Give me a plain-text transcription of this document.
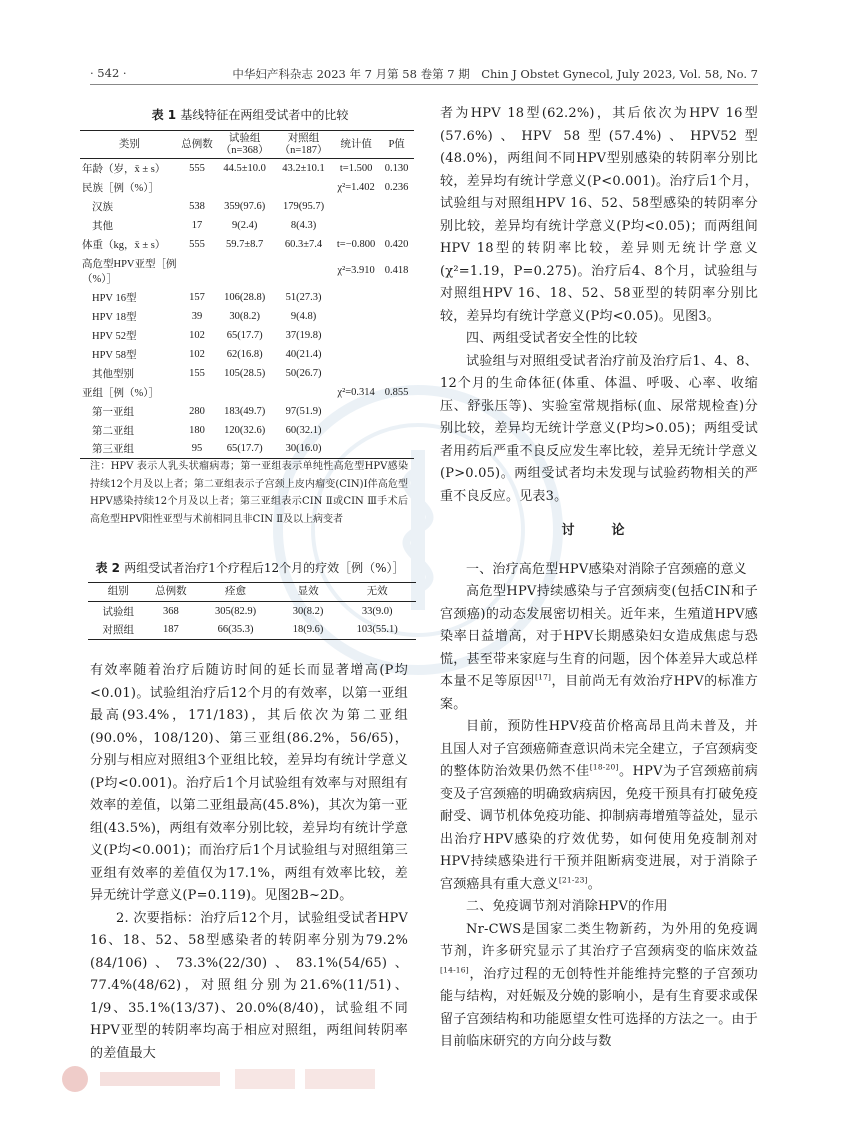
· 542 ·	中华妇产科杂志 2023 年 7 月第 58 卷第 7 期　Chin J Obstet Gynecol, July 2023, Vol. 58, No. 7
表 1 基线特征在两组受试者中的比较
类别	总例数	试验组（n=368）	对照组（n=187）	统计值	P值
年龄（岁，x̄ ± s）	555	44.5±10.0	43.2±10.1	t=1.500	0.130
民族［例（%）］				χ²=1.402	0.236
汉族	538	359(97.6)	179(95.7)		
其他	17	9(2.4)	8(4.3)		
体重（kg，x̄ ± s）	555	59.7±8.7	60.3±7.4	t=−0.800	0.420
高危型HPV亚型［例（%）］				χ²=3.910	0.418
HPV 16型	157	106(28.8)	51(27.3)		
HPV 18型	39	30(8.2)	9(4.8)		
HPV 52型	102	65(17.7)	37(19.8)		
HPV 58型	102	62(16.8)	40(21.4)		
其他型别	155	105(28.5)	50(26.7)		
亚组［例（%）］				χ²=0.314	0.855
第一亚组	280	183(49.7)	97(51.9)		
第二亚组	180	120(32.6)	60(32.1)		
第三亚组	95	65(17.7)	30(16.0)		
注：HPV 表示人乳头状瘤病毒；第一亚组表示单纯性高危型HPV感染持续12个月及以上者；第二亚组表示子宫颈上皮内瘤变(CIN)Ⅰ伴高危型HPV感染持续12个月及以上者；第三亚组表示CIN Ⅱ或CIN Ⅲ手术后高危型HPV阳性亚型与术前相同且非CIN Ⅱ及以上病变者
表 2 两组受试者治疗1个疗程后12个月的疗效［例（%）］
组别	总例数	痊愈	显效	无效
试验组	368	305(82.9)	30(8.2)	33(9.0)
对照组	187	66(35.3)	18(9.6)	103(55.1)

有效率随着治疗后随访时间的延长而显著增高(P均<0.01)。试验组治疗后12个月的有效率，以第一亚组最高(93.4%，171/183)，其后依次为第二亚组(90.0%，108/120)、第三亚组(86.2%，56/65)，分别与相应对照组3个亚组比较，差异均有统计学意义(P均<0.001)。治疗后1个月试验组有效率与对照组有效率的差值，以第二亚组最高(45.8%)，其次为第一亚组(43.5%)，两组有效率分别比较，差异均有统计学意义(P均<0.001)；而治疗后1个月试验组与对照组第三亚组有效率的差值仅为17.1%，两组有效率比较，差异无统计学意义(P=0.119)。见图2B~2D。

2. 次要指标：治疗后12个月，试验组受试者HPV 16、18、52、58型感染者的转阴率分别为79.2%(84/106)、73.3%(22/30)、83.1%(54/65)、77.4%(48/62)，对照组分别为21.6%(11/51)、1/9、35.1%(13/37)、20.0%(8/40)，试验组不同HPV亚型的转阴率均高于相应对照组，两组间转阴率的差值最大

者为HPV 18型(62.2%)，其后依次为HPV 16型(57.6%)、HPV 58型(57.4%)、HPV52型(48.0%)，两组间不同HPV型别感染的转阴率分别比较，差异均有统计学意义(P<0.001)。治疗后1个月，试验组与对照组HPV 16、52、58型感染的转阴率分别比较，差异均有统计学意义(P均<0.05)；而两组间HPV 18型的转阴率比较，差异则无统计学意义(χ²=1.19，P=0.275)。治疗后4、8个月，试验组与对照组HPV 16、18、52、58亚型的转阴率分别比较，差异均有统计学意义(P均<0.05)。见图3。

四、两组受试者安全性的比较

试验组与对照组受试者治疗前及治疗后1、4、8、12个月的生命体征(体重、体温、呼吸、心率、收缩压、舒张压等)、实验室常规指标(血、尿常规检查)分别比较，差异均无统计学意义(P均>0.05)；两组受试者用药后严重不良反应发生率比较，差异无统计学意义(P>0.05)。两组受试者均未发现与试验药物相关的严重不良反应。见表3。

讨　论

一、治疗高危型HPV感染对消除子宫颈癌的意义

高危型HPV持续感染与子宫颈病变(包括CIN和子宫颈癌)的动态发展密切相关。近年来，生殖道HPV感染率日益增高，对于HPV长期感染妇女造成焦虑与恐慌，甚至带来家庭与生育的问题，因个体差异大或总样本量不足等原因[17]，目前尚无有效治疗HPV的标准方案。

目前，预防性HPV疫苗价格高昂且尚未普及，并且国人对子宫颈癌筛查意识尚未完全建立，子宫颈病变的整体防治效果仍然不佳[18-20]。HPV为子宫颈癌前病变及子宫颈癌的明确致病病因，免疫干预具有打破免疫耐受、调节机体免疫功能、抑制病毒增殖等益处，显示出治疗HPV感染的疗效优势，如何使用免疫制剂对HPV持续感染进行干预并阻断病变进展，对于消除子宫颈癌具有重大意义[21-23]。

二、免疫调节剂对消除HPV的作用

Nr-CWS是国家二类生物新药，为外用的免疫调节剂，许多研究显示了其治疗子宫颈病变的临床效益[14-16]，治疗过程的无创特性并能维持完整的子宫颈功能与结构，对妊娠及分娩的影响小，是有生育要求或保留子宫颈结构和功能愿望女性可选择的方法之一。由于目前临床研究的方向分歧与数
